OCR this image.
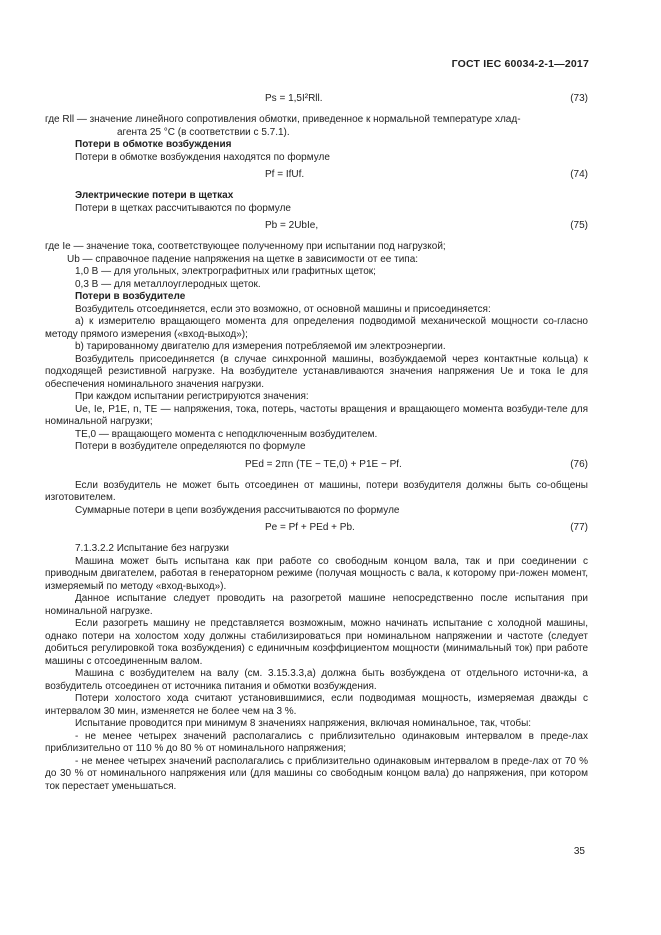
ГОСТ IEC 60034-2-1—2017
Ps = 1,5I²Rll.	(73)

где Rll — значение линейного сопротивления обмотки, приведенное к нормальной температуре хлад-

агента 25 °С (в соответствии с 5.7.1).

Потери в обмотке возбуждения

Потери в обмотке возбуждения находятся по формуле

Pf = IfUf.	(74)

Электрические потери в щетках

Потери в щетках рассчитываются по формуле

Pb = 2UbIe,	(75)

где Ie — значение тока, соответствующее полученному при испытании под нагрузкой;

Ub — справочное падение напряжения на щетке в зависимости от ее типа:

1,0 В — для угольных, электрографитных или графитных щеток;

0,3 В — для металлоуглеродных щеток.

Потери в возбудителе

Возбудитель отсоединяется, если это возможно, от основной машины и присоединяется:

а) к измерителю вращающего момента для определения подводимой механической мощности со-гласно методу прямого измерения («вход-выход»);

b) тарированному двигателю для измерения потребляемой им электроэнергии.

Возбудитель присоединяется (в случае синхронной машины, возбуждаемой через контактные кольца) к подходящей резистивной нагрузке. На возбудителе устанавливаются значения напряжения Ue и тока Ie для обеспечения номинального значения нагрузки.

При каждом испытании регистрируются значения:

Ue, Ie, P1E, n, TE — напряжения, тока, потерь, частоты вращения и вращающего момента возбуди-теле для номинальной нагрузки;

TE,0 — вращающего момента с неподключенным возбудителем.

Потери в возбудителе определяются по формуле

PEd = 2πn (TE − TE,0) + P1E − Pf.	(76)

Если возбудитель не может быть отсоединен от машины, потери возбудителя должны быть со-общены изготовителем.

Суммарные потери в цепи возбуждения рассчитываются по формуле

Pe = Pf + PEd + Pb.	(77)

7.1.3.2.2 Испытание без нагрузки

Машина может быть испытана как при работе со свободным концом вала, так и при соединении с приводным двигателем, работая в генераторном режиме (получая мощность с вала, к которому при-ложен момент, измеряемый по методу «вход-выход»).

Данное испытание следует проводить на разогретой машине непосредственно после испытания при номинальной нагрузке.

Если разогреть машину не представляется возможным, можно начинать испытание с холодной машины, однако потери на холостом ходу должны стабилизироваться при номинальном напряжении и частоте (следует добиться регулировкой тока возбуждения) с единичным коэффициентом мощности (минимальный ток) при работе машины с отсоединенным валом.

Машина с возбудителем на валу (см. 3.15.3.3,a) должна быть возбуждена от отдельного источни-ка, а возбудитель отсоединен от источника питания и обмотки возбуждения.

Потери холостого хода считают установившимися, если подводимая мощность, измеряемая дважды с интервалом 30 мин, изменяется не более чем на 3 %.

Испытание проводится при минимум 8 значениях напряжения, включая номинальное, так, чтобы:

- не менее четырех значений располагались с приблизительно одинаковым интервалом в преде-лах приблизительно от 110 % до 80 % от номинального напряжения;

- не менее четырех значений располагались с приблизительно одинаковым интервалом в преде-лах от 70 % до 30 % от номинального напряжения или (для машины со свободным концом вала) до напряжения, при котором ток перестает уменьшаться.

35
